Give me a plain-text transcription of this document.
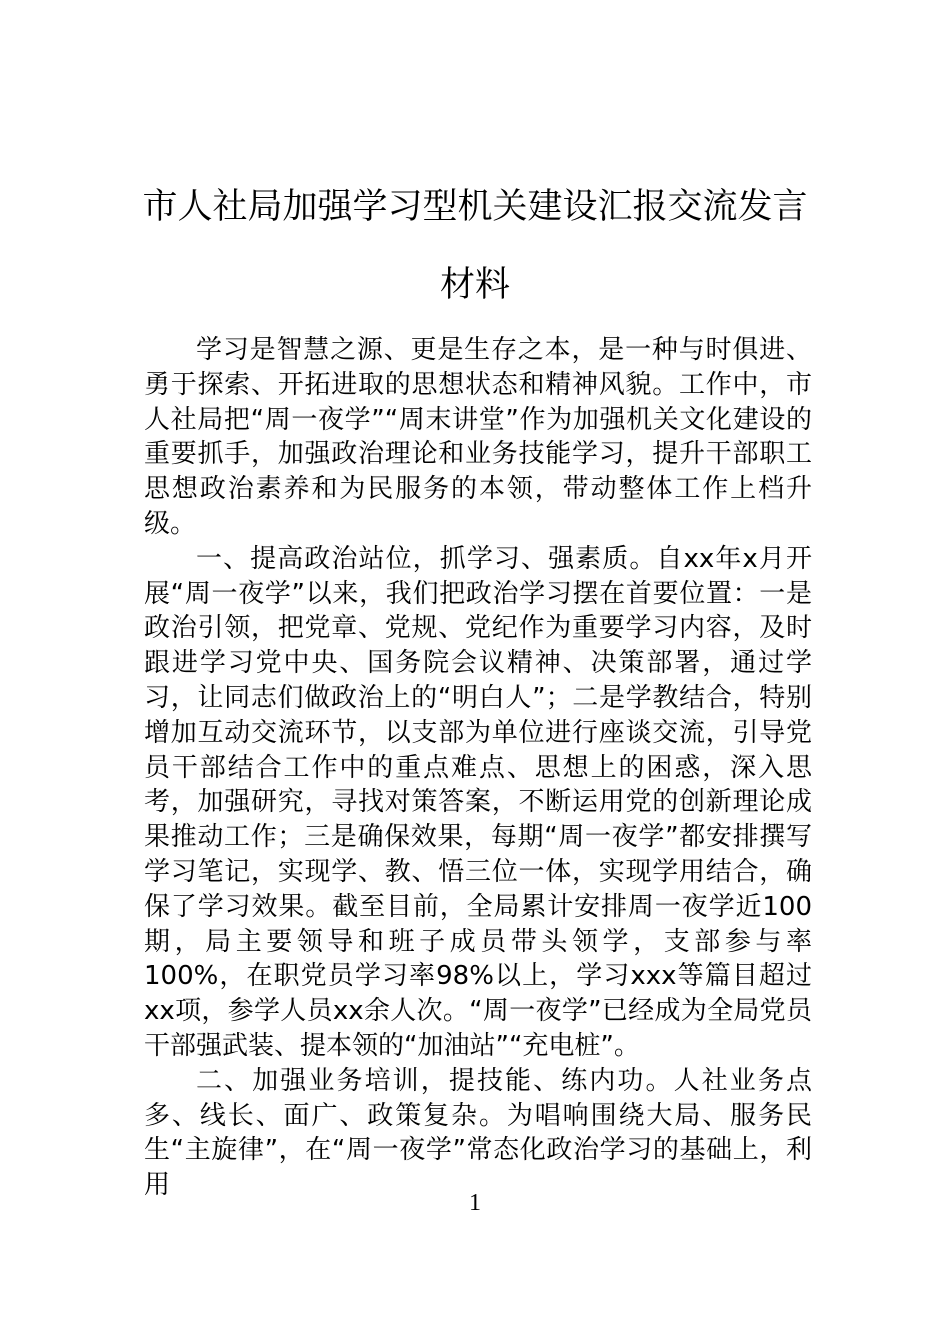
市人社局加强学习型机关建设汇报交流发言材料

学习是智慧之源、更是生存之本，是一种与时俱进、勇于探索、开拓进取的思想状态和精神风貌。工作中，市人社局把“周一夜学”“周末讲堂”作为加强机关文化建设的重要抓手，加强政治理论和业务技能学习，提升干部职工思想政治素养和为民服务的本领，带动整体工作上档升级。

一、提高政治站位，抓学习、强素质。自xx年x月开展“周一夜学”以来，我们把政治学习摆在首要位置：一是政治引领，把党章、党规、党纪作为重要学习内容，及时跟进学习党中央、国务院会议精神、决策部署，通过学习，让同志们做政治上的“明白人”；二是学教结合，特别增加互动交流环节，以支部为单位进行座谈交流，引导党员干部结合工作中的重点难点、思想上的困惑，深入思考，加强研究，寻找对策答案，不断运用党的创新理论成果推动工作；三是确保效果，每期“周一夜学”都安排撰写学习笔记，实现学、教、悟三位一体，实现学用结合，确保了学习效果。截至目前，全局累计安排周一夜学近100期，局主要领导和班子成员带头领学，支部参与率100%，在职党员学习率98%以上，学习xxx等篇目超过xx项，参学人员xx余人次。“周一夜学”已经成为全局党员干部强武装、提本领的“加油站”“充电桩”。

二、加强业务培训，提技能、练内功。人社业务点多、线长、面广、政策复杂。为唱响围绕大局、服务民生“主旋律”，在“周一夜学”常态化政治学习的基础上，利用

1
